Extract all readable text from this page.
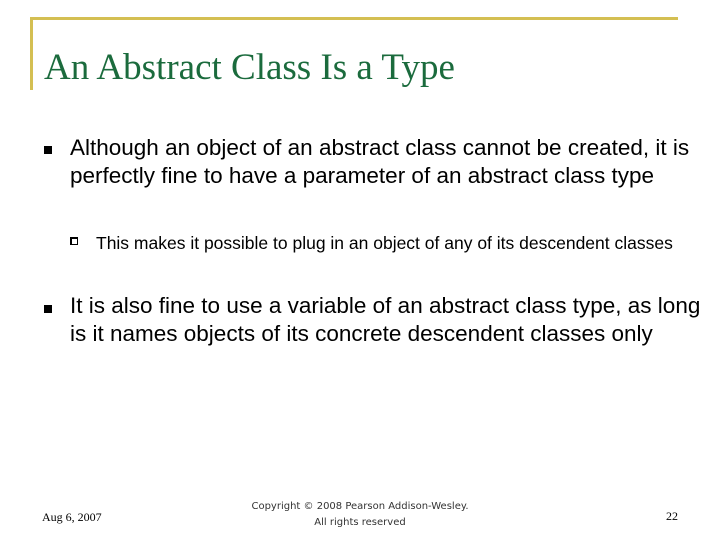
An Abstract Class Is a Type
Although an object of an abstract class cannot be created, it is perfectly fine to have a parameter of an abstract class type
This makes it possible to plug in an object of any of its descendent classes
It is also fine to use a variable of an abstract class type, as long is it names objects of its concrete descendent classes only
Aug 6, 2007
Copyright © 2008 Pearson Addison-Wesley.
All rights reserved	22
